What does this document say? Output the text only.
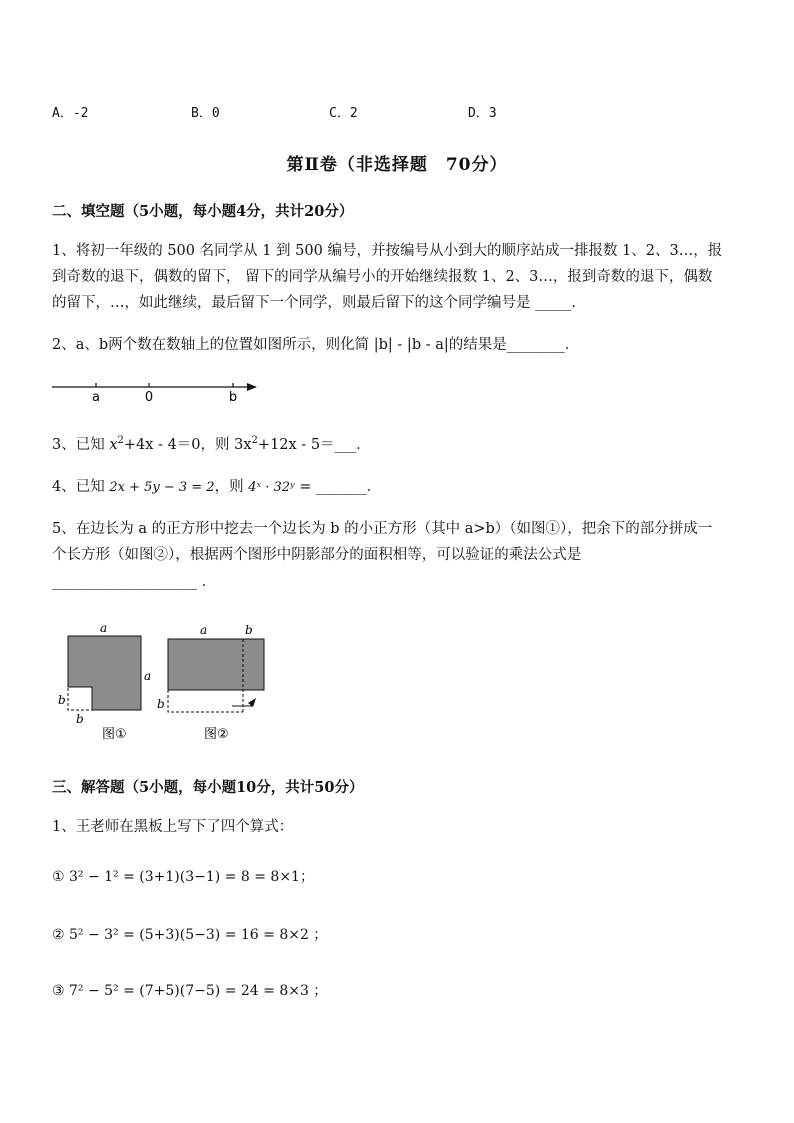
A．-2	B．0	C．2	D．3
第Ⅱ卷（非选择题　70分）
二、填空题（5小题，每小题4分，共计20分）
1、将初一年级的 500 名同学从 1 到 500 编号，并按编号从小到大的顺序站成一排报数 1、2、3…，报
到奇数的退下，偶数的留下， 留下的同学从编号小的开始继续报数 1、2、3…，报到奇数的退下，偶数
的留下，…，如此继续，最后留下一个同学，则最后留下的这个同学编号是 _____．
2、a、b两个数在数轴上的位置如图所示，则化简 |b| - |b - a|的结果是________．
a	0	b
3、已知 $x^2+4x - 4=0$，则 $3x^2+12x$ - 5＝___．
4、已知 2x + 5y − 3 = 2，则 4ˣ · 32ʸ = _______．
5、在边长为 a 的正方形中挖去一个边长为 b 的小正方形（其中 a>b）（如图①），把余下的部分拼成一
个长方形（如图②），根据两个图形中阴影部分的面积相等，可以验证的乘法公式是
____________________ ．
a
a
b
b
图①
a	b
b
图②
三、解答题（5小题，每小题10分，共计50分）
1、王老师在黑板上写下了四个算式：
① 3² − 1² = (3+1)(3−1) = 8 = 8×1；
② 5² − 3² = (5+3)(5−3) = 16 = 8×2 ；
③ 7² − 5² = (7+5)(7−5) = 24 = 8×3 ；
